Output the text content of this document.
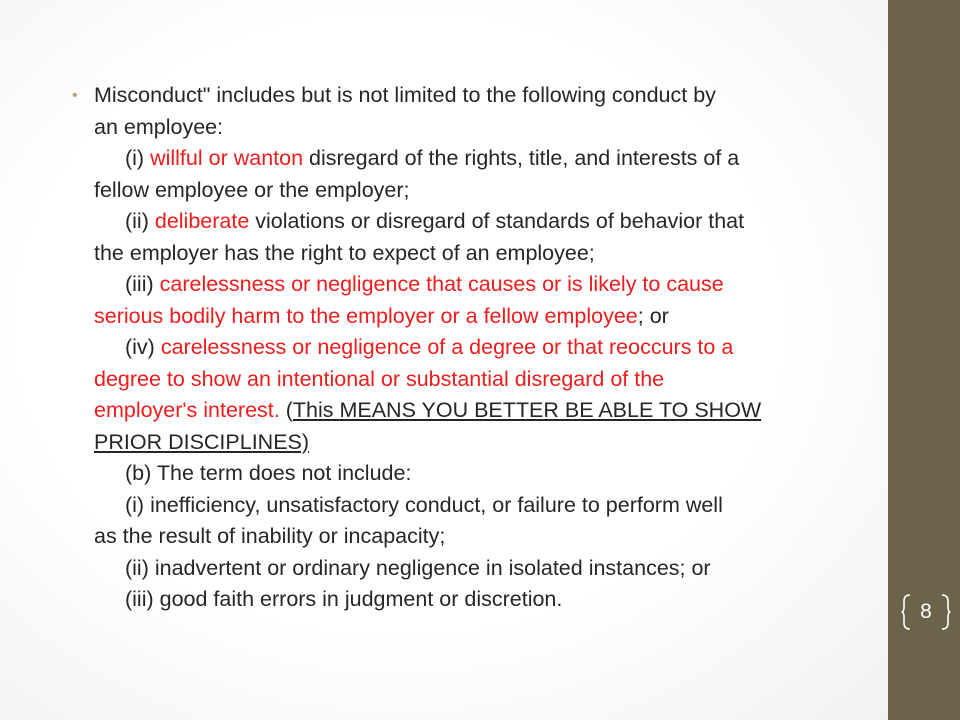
• Misconduct" includes but is not limited to the following conduct by
an employee:
(i) willful or wanton disregard of the rights, title, and interests of a
fellow employee or the employer;
(ii) deliberate violations or disregard of standards of behavior that
the employer has the right to expect of an employee;
(iii) carelessness or negligence that causes or is likely to cause
serious bodily harm to the employer or a fellow employee; or
(iv) carelessness or negligence of a degree or that reoccurs to a
degree to show an intentional or substantial disregard of the
employer's interest. (This MEANS YOU BETTER BE ABLE TO SHOW
PRIOR DISCIPLINES)
(b) The term does not include:
(i) inefficiency, unsatisfactory conduct, or failure to perform well
as the result of inability or incapacity;
(ii) inadvertent or ordinary negligence in isolated instances; or
(iii) good faith errors in judgment or discretion.
8
